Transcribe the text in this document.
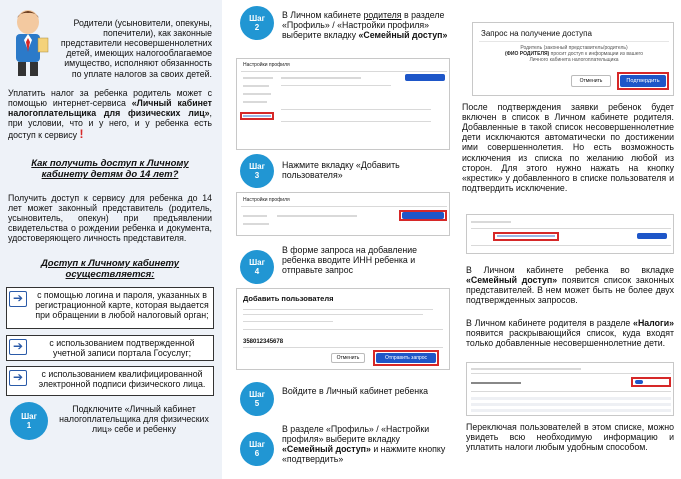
Родители (усыновители, опекуны, попечители), как законные представители несовершеннолетних детей, имеющих налогооблагаемое имущество, исполняют обязанность по уплате налогов за своих детей.
Уплатить налог за ребенка родитель может с помощью интернет-сервиса «Личный кабинет налогоплательщика для физических лиц», при условии, что и у него, и у ребенка есть доступ к сервису !
Как получить доступ к Личному кабинету детям до 14 лет?
Получить доступ к сервису для ребенка до 14 лет может законный представитель (родитель, усыновитель, опекун) при предъявлении свидетельства о рождении ребенка и документа, удостоверяющего личность представителя.
Доступ к Личному кабинету осуществляется:
➔	с помощью логина и пароля, указанных в регистрационной карте, которая выдается при обращении в любой налоговый орган;
➔	с использованием подтвержденной учетной записи портала Госуслуг;
➔	с использованием квалифицированной электронной подписи физического лица.
Шаг
1
Подключите «Личный кабинет налогоплательщика для физических лиц» себе и ребенку
Шаг
2
В Личном кабинете родителя в разделе «Профиль» / «Настройки профиля» выберите вкладку «Семейный доступ»
Настройки профиля
Шаг
3
Нажмите вкладку «Добавить пользователя»
Настройки профиля
Шаг
4
В форме запроса на добавление ребенка вводите ИНН ребенка и отправьте запрос
Добавить пользователя
358012345678
Отменить	Отправить запрос
Шаг
5
Войдите в Личный кабинет ребенка
Шаг
6
В разделе «Профиль» / «Настройки профиля» выберите вкладку «Семейный доступ» и нажмите кнопку «подтвердить»
Запрос на получение доступа
Родитель (законный представитель/родитель)
(ФИО РОДИТЕЛЯ) просит доступ к информации из вашего
Личного кабинета налогоплательщика
Отменить	Подтвердить
После подтверждения заявки ребенок будет включен в список в Личном кабинете родителя. Добавленные в такой список несовершеннолетние дети исключаются автоматически по достижении ими совершеннолетия. Но есть возможность исключения из списка по желанию любой из сторон. Для этого нужно нажать на кнопку «крестик» у добавленного в списке пользователя и подтвердить исключение.
В Личном кабинете ребенка во вкладке «Семейный доступ» появится список законных представителей. В нем может быть не более двух подтвержденных запросов.
В Личном кабинете родителя в разделе «Налоги» появится раскрывающийся список, куда входят только добавленные несовершеннолетние дети.
Переключая пользователей в этом списке, можно увидеть всю необходимую информацию и уплатить налоги любым удобным способом.
